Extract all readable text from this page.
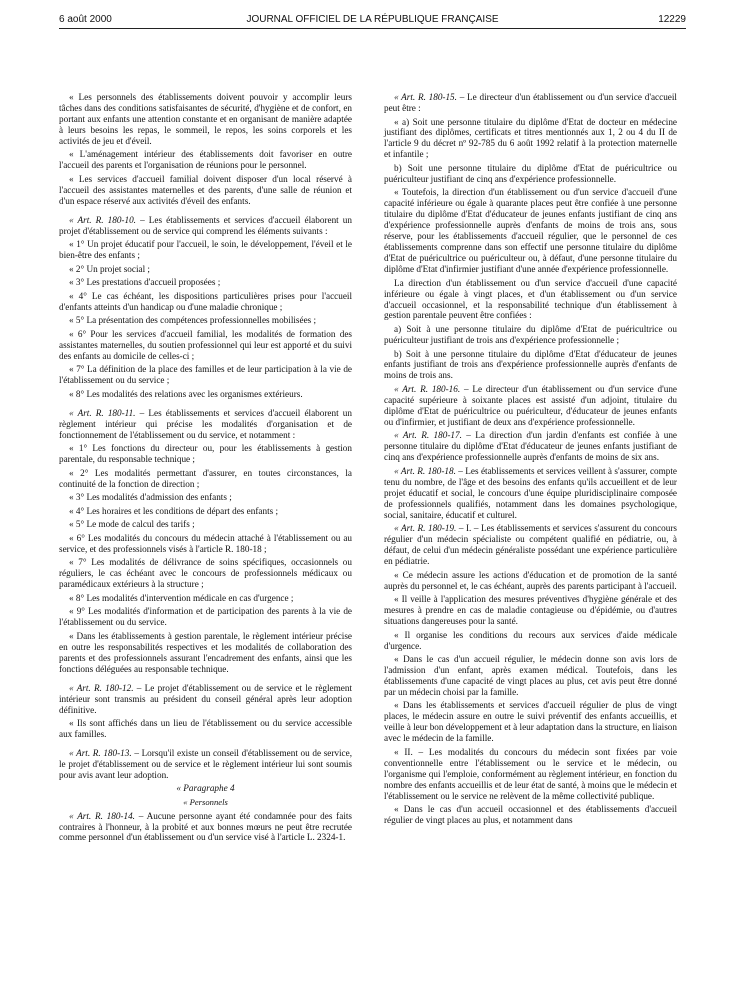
6 août 2000	JOURNAL OFFICIEL DE LA RÉPUBLIQUE FRANÇAISE	12229

« Les personnels des établissements doivent pouvoir y accomplir leurs tâches dans des conditions satisfaisantes de sécurité, d'hygiène et de confort, en portant aux enfants une attention constante et en organisant de manière adaptée à leurs besoins les repas, le sommeil, le repos, les soins corporels et les activités de jeu et d'éveil.

« L'aménagement intérieur des établissements doit favoriser en outre l'accueil des parents et l'organisation de réunions pour le personnel.

« Les services d'accueil familial doivent disposer d'un local réservé à l'accueil des assistantes maternelles et des parents, d'une salle de réunion et d'un espace réservé aux activités d'éveil des enfants.

« Art. R. 180-10. – Les établissements et services d'accueil élaborent un projet d'établissement ou de service qui comprend les éléments suivants :

« 1° Un projet éducatif pour l'accueil, le soin, le développement, l'éveil et le bien-être des enfants ;

« 2° Un projet social ;

« 3° Les prestations d'accueil proposées ;

« 4° Le cas échéant, les dispositions particulières prises pour l'accueil d'enfants atteints d'un handicap ou d'une maladie chronique ;

« 5° La présentation des compétences professionnelles mobilisées ;

« 6° Pour les services d'accueil familial, les modalités de formation des assistantes maternelles, du soutien professionnel qui leur est apporté et du suivi des enfants au domicile de celles-ci ;

« 7° La définition de la place des familles et de leur participation à la vie de l'établissement ou du service ;

« 8° Les modalités des relations avec les organismes extérieurs.

« Art. R. 180-11. – Les établissements et services d'accueil élaborent un règlement intérieur qui précise les modalités d'organisation et de fonctionnement de l'établissement ou du service, et notamment :

« 1° Les fonctions du directeur ou, pour les établissements à gestion parentale, du responsable technique ;

« 2° Les modalités permettant d'assurer, en toutes circonstances, la continuité de la fonction de direction ;

« 3° Les modalités d'admission des enfants ;

« 4° Les horaires et les conditions de départ des enfants ;

« 5° Le mode de calcul des tarifs ;

« 6° Les modalités du concours du médecin attaché à l'établissement ou au service, et des professionnels visés à l'article R. 180-18 ;

« 7° Les modalités de délivrance de soins spécifiques, occasionnels ou réguliers, le cas échéant avec le concours de professionnels médicaux ou paramédicaux extérieurs à la structure ;

« 8° Les modalités d'intervention médicale en cas d'urgence ;

« 9° Les modalités d'information et de participation des parents à la vie de l'établissement ou du service.

« Dans les établissements à gestion parentale, le règlement intérieur précise en outre les responsabilités respectives et les modalités de collaboration des parents et des professionnels assurant l'encadrement des enfants, ainsi que les fonctions déléguées au responsable technique.

« Art. R. 180-12. – Le projet d'établissement ou de service et le règlement intérieur sont transmis au président du conseil général après leur adoption définitive.

« Ils sont affichés dans un lieu de l'établissement ou du service accessible aux familles.

« Art. R. 180-13. – Lorsqu'il existe un conseil d'établissement ou de service, le projet d'établissement ou de service et le règlement intérieur lui sont soumis pour avis avant leur adoption.

« Paragraphe 4

« Personnels

« Art. R. 180-14. – Aucune personne ayant été condamnée pour des faits contraires à l'honneur, à la probité et aux bonnes mœurs ne peut être recrutée comme personnel d'un établissement ou d'un service visé à l'article L. 2324-1.

« Art. R. 180-15. – Le directeur d'un établissement ou d'un service d'accueil peut être :

« a) Soit une personne titulaire du diplôme d'Etat de docteur en médecine justifiant des diplômes, certificats et titres mentionnés aux 1, 2 ou 4 du II de l'article 9 du décret nº 92-785 du 6 août 1992 relatif à la protection maternelle et infantile ;

b) Soit une personne titulaire du diplôme d'Etat de puéricultrice ou puériculteur justifiant de cinq ans d'expérience professionnelle.

« Toutefois, la direction d'un établissement ou d'un service d'accueil d'une capacité inférieure ou égale à quarante places peut être confiée à une personne titulaire du diplôme d'Etat d'éducateur de jeunes enfants justifiant de cinq ans d'expérience professionnelle auprès d'enfants de moins de trois ans, sous réserve, pour les établissements d'accueil régulier, que le personnel de ces établissements comprenne dans son effectif une personne titulaire du diplôme d'Etat de puéricultrice ou puériculteur ou, à défaut, d'une personne titulaire du diplôme d'Etat d'infirmier justifiant d'une année d'expérience professionnelle.

La direction d'un établissement ou d'un service d'accueil d'une capacité inférieure ou égale à vingt places, et d'un établissement ou d'un service d'accueil occasionnel, et la responsabilité technique d'un établissement à gestion parentale peuvent être confiées :

a) Soit à une personne titulaire du diplôme d'Etat de puéricultrice ou puériculteur justifiant de trois ans d'expérience professionnelle ;

b) Soit à une personne titulaire du diplôme d'Etat d'éducateur de jeunes enfants justifiant de trois ans d'expérience professionnelle auprès d'enfants de moins de trois ans.

« Art. R. 180-16. – Le directeur d'un établissement ou d'un service d'une capacité supérieure à soixante places est assisté d'un adjoint, titulaire du diplôme d'Etat de puéricultrice ou puériculteur, d'éducateur de jeunes enfants ou d'infirmier, et justifiant de deux ans d'expérience professionnelle.

« Art. R. 180-17. – La direction d'un jardin d'enfants est confiée à une personne titulaire du diplôme d'Etat d'éducateur de jeunes enfants justifiant de cinq ans d'expérience professionnelle auprès d'enfants de moins de six ans.

« Art. R. 180-18. – Les établissements et services veillent à s'assurer, compte tenu du nombre, de l'âge et des besoins des enfants qu'ils accueillent et de leur projet éducatif et social, le concours d'une équipe pluridisciplinaire composée de professionnels qualifiés, notamment dans les domaines psychologique, social, sanitaire, éducatif et culturel.

« Art. R. 180-19. – I. – Les établissements et services s'assurent du concours régulier d'un médecin spécialiste ou compétent qualifié en pédiatrie, ou, à défaut, de celui d'un médecin généraliste possédant une expérience particulière en pédiatrie.

« Ce médecin assure les actions d'éducation et de promotion de la santé auprès du personnel et, le cas échéant, auprès des parents participant à l'accueil.

« Il veille à l'application des mesures préventives d'hygiène générale et des mesures à prendre en cas de maladie contagieuse ou d'épidémie, ou d'autres situations dangereuses pour la santé.

« Il organise les conditions du recours aux services d'aide médicale d'urgence.

« Dans le cas d'un accueil régulier, le médecin donne son avis lors de l'admission d'un enfant, après examen médical. Toutefois, dans les établissements d'une capacité de vingt places au plus, cet avis peut être donné par un médecin choisi par la famille.

« Dans les établissements et services d'accueil régulier de plus de vingt places, le médecin assure en outre le suivi préventif des enfants accueillis, et veille à leur bon développement et à leur adaptation dans la structure, en liaison avec le médecin de la famille.

« II. – Les modalités du concours du médecin sont fixées par voie conventionnelle entre l'établissement ou le service et le médecin, ou l'organisme qui l'emploie, conformément au règlement intérieur, en fonction du nombre des enfants accueillis et de leur état de santé, à moins que le médecin et l'établissement ou le service ne relèvent de la même collectivité publique.

« Dans le cas d'un accueil occasionnel et des établissements d'accueil régulier de vingt places au plus, et notamment dans
